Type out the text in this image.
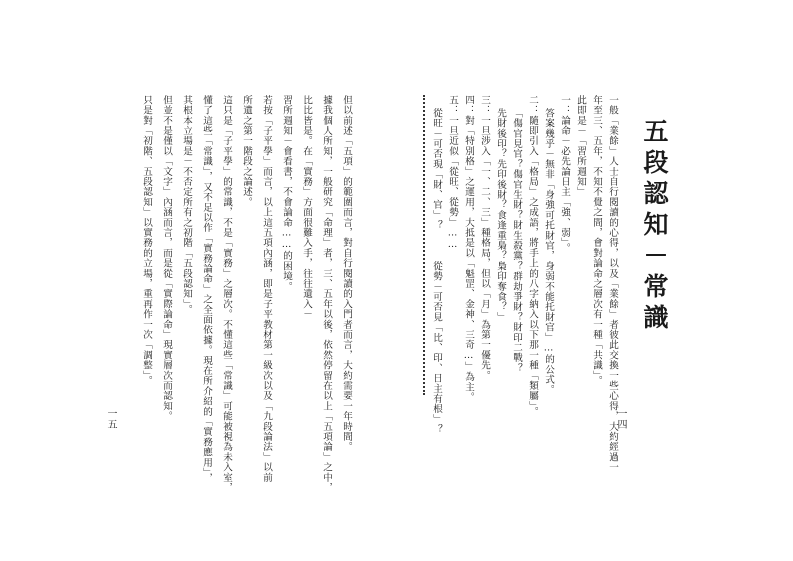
五段認知－常識
一般「業餘」人士自行閱讀的心得，以及「業餘」者彼此交換一些心得，大約經過一
年至三、五年，不知不覺之間，會對論命之層次有一種「共識」。
此即是－「習所週知」
一：論命－必先論日主「強、弱」。
答案幾乎－無非「身強可托財官，身弱不能托財官」…的公式。
二：隨即引入「格局」之成語，將手上的八字納入以下那一種「類屬」。
「傷官見官？傷官生財？財生殺黨？群劫爭財？財印二戰？
先財後印？先印後財？食逢重梟？梟印奪食？」
三：一旦涉入「一、二、三」種格局，但以「月」為第一優先。
四：對「特別格」之運用，大抵是以「魁罡、金神、三奇…」為主。
五：一旦近似「從旺、從勢」……
從旺－可否現「財、官」？　　　從勢－可否見「比、印、日主有根」？	一四
但以前述「五項」的範圍而言，對自行閱讀的入門者而言，大約需要一年時間。
據我個人所知，一般研究「命理」者，三、五年以後，依然停留在以上「五項論」之中，
比比皆是。在「實務」方面很難入手，往往遺入－
習所週知－會看書，不會論命……的困境。
若按「子平學」而言，以上這五項內涵，即是子平教材第一級次以及「九段論法」以前
所遺之第一階段之論述。
這只是「子平學」的常識，不是「實務」之層次。不懂這些「常識」可能被視為未入室，
懂了這些「常識」，又不足以作「實務論命」之全面依據。現在所介紹的「實務應用」，
其根本立場是－不否定所有之初階「五段認知」。
但並不是僅以「文字」內涵而言，而是從「實際論命」現實層次而認知。
只是對「初階、五段認知」以實務的立場，重再作一次「調整」。
一五
